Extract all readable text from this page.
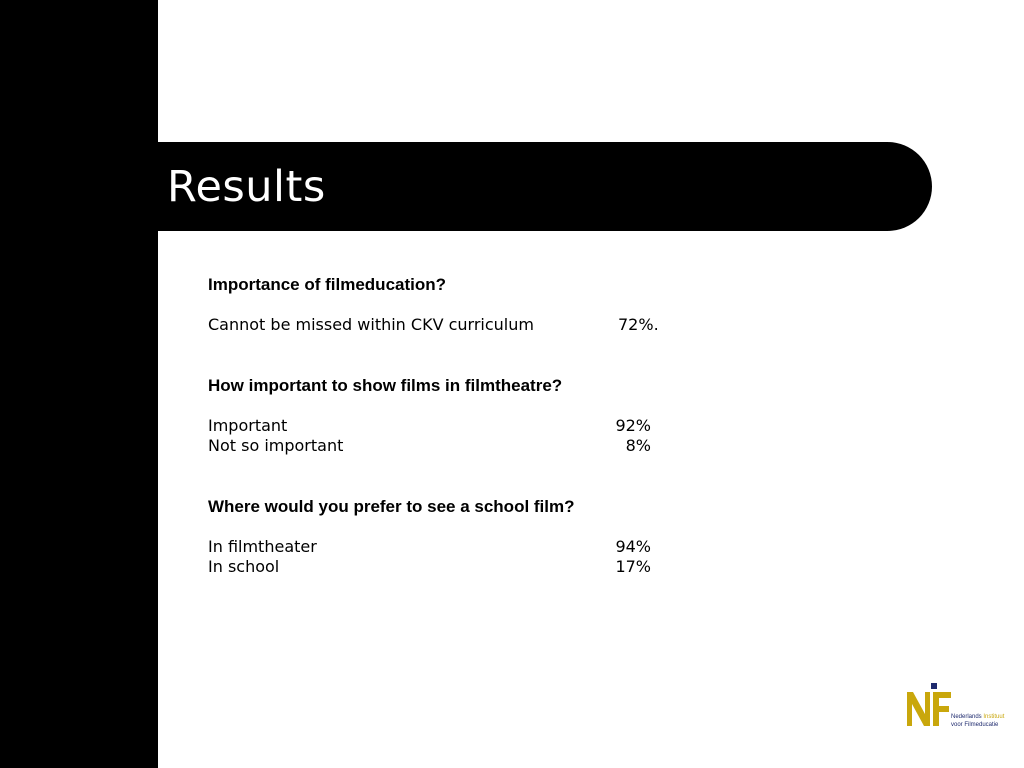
Results

Importance of filmeducation?

Cannot be missed within CKV curriculum	72%.

How important to show films in filmtheatre?

Important	92%
Not so important	8%

Where would you prefer to see a school film?

In filmtheater	94%
In school	17%
Nederlands Instituut
voor Filmeducatie
